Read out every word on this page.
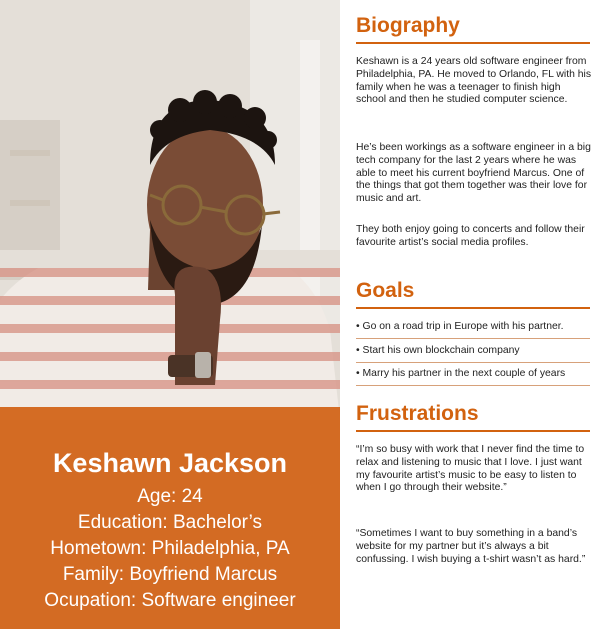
Keshawn Jackson
Age: 24
Education: Bachelor’s
Hometown: Philadelphia, PA
Family: Boyfriend Marcus
Ocupation: Software engineer
Biography
Keshawn is a 24 years old software engineer from Philadelphia, PA. He moved to Orlando, FL with his family when he was a teenager to finish high school and then he studied computer science.
He’s been workings as a software engineer in a big tech company for the last 2 years where he was able to meet his current boyfriend Marcus. One of the things that got them together was their love for music and art.
They both enjoy going to concerts and follow their favourite artist’s social media profiles.
Goals
• Go on a road trip in Europe with his partner.
• Start his own blockchain company
• Marry his partner in the next couple of years
Frustrations
“I’m so busy with work that I never find the time to relax and listening to music that I love. I just want my favourite artist’s music to be easy to listen to when I go through their website.”
“Sometimes I want to buy something in a band’s website for my partner but it’s always a bit confussing. I wish buying a t-shirt wasn’t as hard.”
